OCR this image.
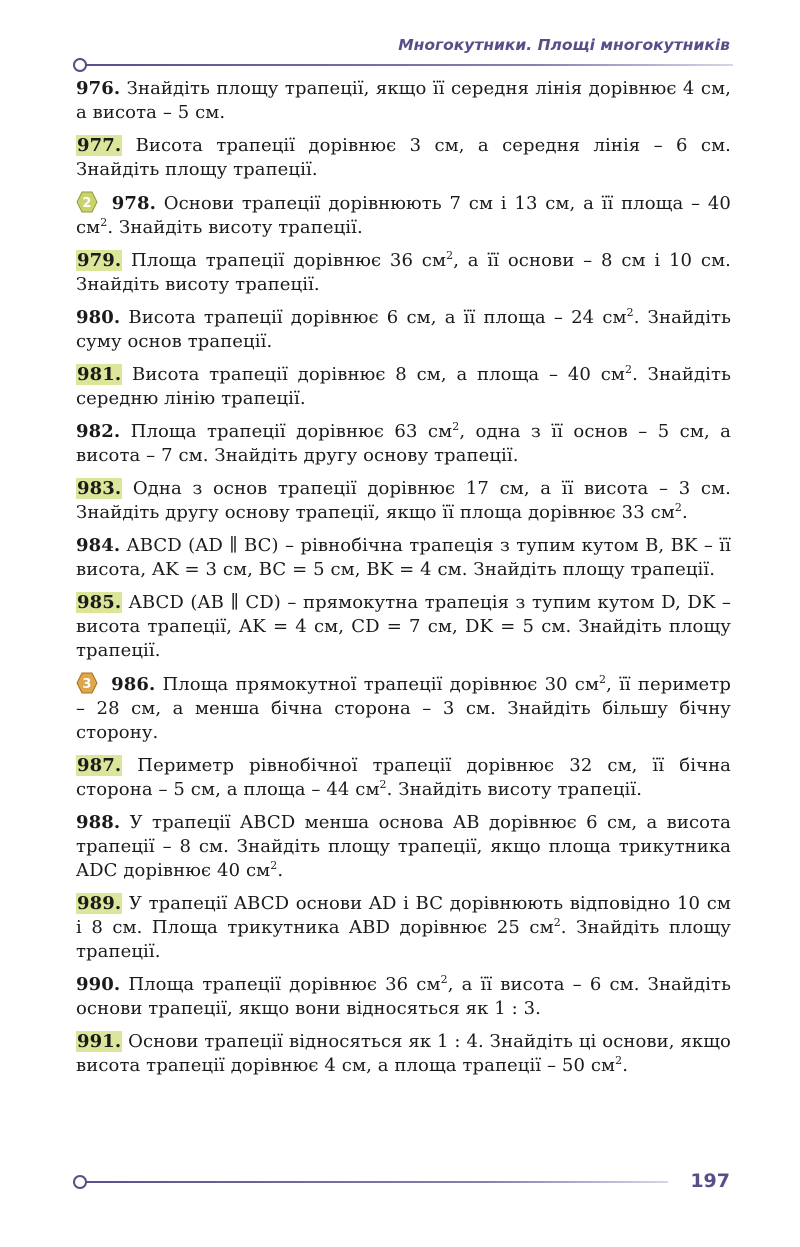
Многокутники. Площі многокутників

976. Знайдіть площу трапеції, якщо її середня лінія дорівнює 4 см, а висота – 5 см.

977. Висота трапеції дорівнює 3 см, а середня лінія – 6 см. Знайдіть площу трапеції.

2 978. Основи трапеції дорівнюють 7 см і 13 см, а її площа – 40 $см^2$. Знайдіть висоту трапеції.

979. Площа трапеції дорівнює 36 $см^2$, а її основи – 8 см і 10 см. Знайдіть висоту трапеції.

980. Висота трапеції дорівнює 6 см, а її площа – 24 $см^2$. Знайдіть суму основ трапеції.

981. Висота трапеції дорівнює 8 см, а площа – 40 $см^2$. Знайдіть середню лінію трапеції.

982. Площа трапеції дорівнює 63 $см^2$, одна з її основ – 5 см, а висота – 7 см. Знайдіть другу основу трапеції.

983. Одна з основ трапеції дорівнює 17 см, а її висота – 3 см. Знайдіть другу основу трапеції, якщо її площа дорівнює 33 $см^2$.

984. ABCD (AD ∥ BC) – рівнобічна трапеція з тупим кутом B, BK – її висота, AK = 3 см, BC = 5 см, BK = 4 см. Знайдіть площу трапеції.

985. ABCD (AB ∥ CD) – прямокутна трапеція з тупим кутом D, DK – висота трапеції, AK = 4 см, CD = 7 см, DK = 5 см. Знайдіть площу трапеції.

3 986. Площа прямокутної трапеції дорівнює 30 $см^2$, її периметр – 28 см, а менша бічна сторона – 3 см. Знайдіть більшу бічну сторону.

987. Периметр рівнобічної трапеції дорівнює 32 см, її бічна сторона – 5 см, а площа – 44 $см^2$. Знайдіть висоту трапеції.

988. У трапеції ABCD менша основа AB дорівнює 6 см, а висота трапеції – 8 см. Знайдіть площу трапеції, якщо площа трикутника ADC дорівнює 40 $см^2$.

989. У трапеції ABCD основи AD і BC дорівнюють відповідно 10 см і 8 см. Площа трикутника ABD дорівнює 25 $см^2$. Знайдіть площу трапеції.

990. Площа трапеції дорівнює 36 $см^2$, а її висота – 6 см. Знайдіть основи трапеції, якщо вони відносяться як 1 : 3.

991. Основи трапеції відносяться як 1 : 4. Знайдіть ці основи, якщо висота трапеції дорівнює 4 см, а площа трапеції – 50 $см^2$.

197
